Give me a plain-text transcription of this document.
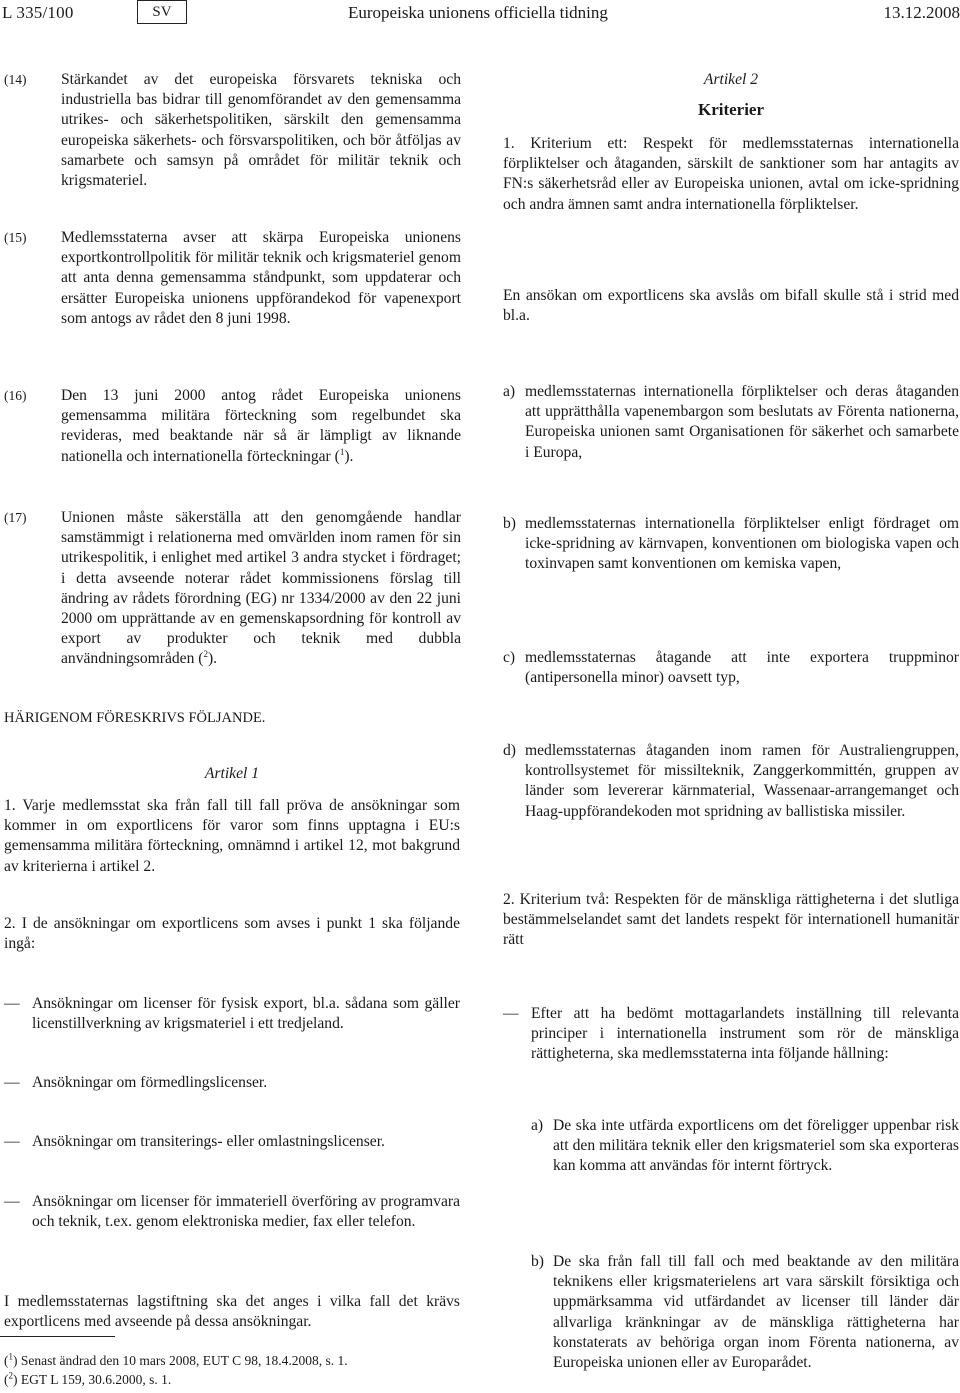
L 335/100	SV	Europeiska unionens officiella tidning	13.12.2008
(14) Stärkandet av det europeiska försvarets tekniska och industriella bas bidrar till genomförandet av den gemensamma utrikes- och säkerhetspolitiken, särskilt den gemensamma europeiska säkerhets- och försvarspolitiken, och bör åtföljas av samarbete och samsyn på området för militär teknik och krigsmateriel.
(15) Medlemsstaterna avser att skärpa Europeiska unionens exportkontrollpolitik för militär teknik och krigsmateriel genom att anta denna gemensamma ståndpunkt, som uppdaterar och ersätter Europeiska unionens uppförandekod för vapenexport som antogs av rådet den 8 juni 1998.
(16) Den 13 juni 2000 antog rådet Europeiska unionens gemensamma militära förteckning som regelbundet ska revideras, med beaktande när så är lämpligt av liknande nationella och internationella förteckningar ($^1$).
(17) Unionen måste säkerställa att den genomgående handlar samstämmigt i relationerna med omvärlden inom ramen för sin utrikespolitik, i enlighet med artikel 3 andra stycket i fördraget; i detta avseende noterar rådet kommissionens förslag till ändring av rådets förordning (EG) nr 1334/2000 av den 22 juni 2000 om upprättande av en gemenskapsordning för kontroll av export av produkter och teknik med dubbla användningsområden ($^2$).
HÄRIGENOM FÖRESKRIVS FÖLJANDE.
Artikel 1
1. Varje medlemsstat ska från fall till fall pröva de ansökningar som kommer in om exportlicens för varor som finns upptagna i EU:s gemensamma militära förteckning, omnämnd i artikel 12, mot bakgrund av kriterierna i artikel 2.
2. I de ansökningar om exportlicens som avses i punkt 1 ska följande ingå:
— Ansökningar om licenser för fysisk export, bl.a. sådana som gäller licenstillverkning av krigsmateriel i ett tredjeland.
— Ansökningar om förmedlingslicenser.
— Ansökningar om transiterings- eller omlastningslicenser.
— Ansökningar om licenser för immateriell överföring av programvara och teknik, t.ex. genom elektroniska medier, fax eller telefon.
I medlemsstaternas lagstiftning ska det anges i vilka fall det krävs exportlicens med avseende på dessa ansökningar.
($^1$) Senast ändrad den 10 mars 2008, EUT C 98, 18.4.2008, s. 1.
($^2$) EGT L 159, 30.6.2000, s. 1.
Artikel 2
Kriterier
1. Kriterium ett: Respekt för medlemsstaternas internationella förpliktelser och åtaganden, särskilt de sanktioner som har antagits av FN:s säkerhetsråd eller av Europeiska unionen, avtal om icke-spridning och andra ämnen samt andra internationella förpliktelser.
En ansökan om exportlicens ska avslås om bifall skulle stå i strid med bl.a.
a) medlemsstaternas internationella förpliktelser och deras åtaganden att upprätthålla vapenembargon som beslutats av Förenta nationerna, Europeiska unionen samt Organisationen för säkerhet och samarbete i Europa,
b) medlemsstaternas internationella förpliktelser enligt fördraget om icke-spridning av kärnvapen, konventionen om biologiska vapen och toxinvapen samt konventionen om kemiska vapen,
c) medlemsstaternas åtagande att inte exportera truppminor (antipersonella minor) oavsett typ,
d) medlemsstaternas åtaganden inom ramen för Australiengruppen, kontrollsystemet för missilteknik, Zanggerkommittén, gruppen av länder som levererar kärnmaterial, Wassenaar-arrangemanget och Haag-uppförandekoden mot spridning av ballistiska missiler.
2. Kriterium två: Respekten för de mänskliga rättigheterna i det slutliga bestämmelselandet samt det landets respekt för internationell humanitär rätt
— Efter att ha bedömt mottagarlandets inställning till relevanta principer i internationella instrument som rör de mänskliga rättigheterna, ska medlemsstaterna inta följande hållning:
a) De ska inte utfärda exportlicens om det föreligger uppenbar risk att den militära teknik eller den krigsmateriel som ska exporteras kan komma att användas för internt förtryck.
b) De ska från fall till fall och med beaktande av den militära teknikens eller krigsmaterielens art vara särskilt försiktiga och uppmärksamma vid utfärdandet av licenser till länder där allvarliga kränkningar av de mänskliga rättigheterna har konstaterats av behöriga organ inom Förenta nationerna, av Europeiska unionen eller av Europarådet.
